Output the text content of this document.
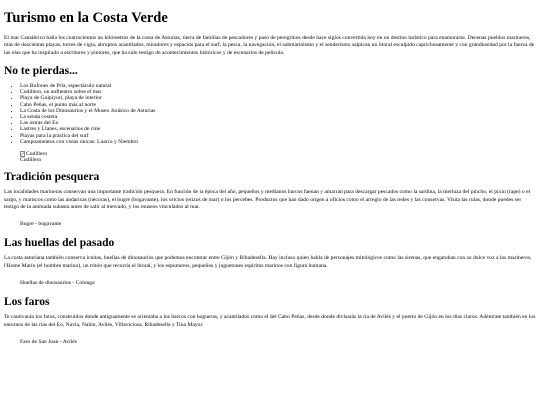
Turismo en la Costa Verde

El mar Cantábrico baña los cuatrocientos un kilómetros de la costa de Asturias, tierra de familias de pescadores y paso de peregrinos desde hace siglos convertida hoy en un destino turístico para enamorarse. Decenas pueblos marineros, más de doscientas playas, torres de vigía, abruptos acantilados, miradores y espacios para el surf, la pesca, la navegación, el submarinismo y el senderismo salpican un litoral esculpido caprichosamente y con grandiosidad por la fuerza de las olas que ha inspirado a escritores y pintores, que ha sido testigo de acontecimientos históricos y de escenarios de película.

No te pierdas...
• Los Bufones de Pría, espectáculo natural
• Cudillero, un anfiteatro sobre el mar
• Playa de Gulpiyuri, playa de interior
• Cabo Peñas, el punto más al norte
• La Costa de los Dinosaurios y el Museo Jurásico de Asturias
• La senda costera
• Las ostras del Eo
• Lastres y Llanes, escenarios de cine
• Playas para la práctica del surf
• Campoamentos con vistas únicas: Luarca y Niembro
Cudillero
Cudillero
Tradición pesquera

Las localidades marineras conservan una importante tradición pesquera. En función de la época del año, pequeños y medianos barcos faenan y amarran para descargar pescados como la sardina, la merluza del pincho, el pixín (rape) o el sargo, y mariscos como las andaricas (nécoras), el bugre (bogavante), los oricios (erizos de mar) o los percebes. Productos que han dado origen a oficios como el arreglo de las redes y las conservas. Visita las rulas, donde puedes ser testigo de la animada subasta antes de salir al mercado, y los museos vinculados al mar.

Bugre - bogavante
Las huellas del pasado

La costa asturiana también conserva icnitas, huellas de dinosaurios que podemos encontrar entre Gijón y Ribadesella. Hay incluso quien habla de personajes mitológicos como las sirenas, que engatuban con su dulce voz a los marineros, l'Home Marín (el hombre marino), un tritón que recorría el litoral, y los espumeros, pequeños y juguetones espíritus marinos con figura humana.

Huellas de dinosaurios - Colunga
Los faros

Te cautivarán los faros, construidos donde antiguamente se orientaba a los barcos con hogueras, y acantilados como el del Cabo Peñas, desde donde divisarás la ría de Avilés y el puerto de Gijón en los días claros. Adéntrate también en los entornos de las rías del Eo, Navia, Nalón, Avilés, Villaviciosa, Ribadesella y Tina Mayor.

Faro de San Juan - Avilés
